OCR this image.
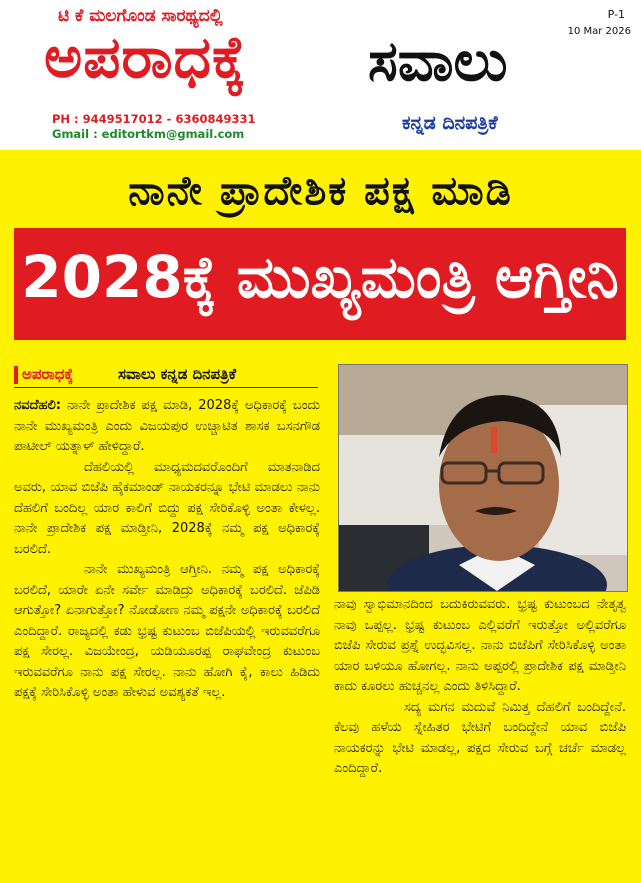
ಟಿ ಕೆ ಮಲಗೊಂಡ ಸಾರಥ್ಯದಲ್ಲಿ	P-1
10 Mar 2026
ಅಪರಾಧಕ್ಕೆ ಸವಾಲು
ಕನ್ನಡ ದಿನಪತ್ರಿಕೆ
PH : 9449517012 - 6360849331
Gmail : editortkm@gmail.com
ನಾನೇ ಪ್ರಾದೇಶಿಕ ಪಕ್ಷ ಮಾಡಿ
2028ಕ್ಕೆ ಮುಖ್ಯಮಂತ್ರಿ ಆಗ್ತೀನಿ
ಅಪರಾಧಕ್ಕೆ	ಸವಾಲು ಕನ್ನಡ ದಿನಪತ್ರಿಕೆ

ನವದೆಹಲಿ: ನಾನೇ ಪ್ರಾದೇಶಿಕ ಪಕ್ಷ ಮಾಡಿ, 2028ಕ್ಕೆ ಅಧಿಕಾರಕ್ಕೆ ಬಂದು ನಾನೇ ಮುಖ್ಯಮಂತ್ರಿ ಎಂದು ವಿಜಯಪುರ ಉಚ್ಚಾಟಿತ ಶಾಸಕ ಬಸನಗೌಡ ಪಾಟೀಲ್ ಯತ್ನಾಳ್ ಹೇಳಿದ್ದಾರೆ.

ದೆಹಲಿಯಲ್ಲಿ ಮಾಧ್ಯಮದವರೊಂದಿಗೆ ಮಾತನಾಡಿದ ಅವರು, ಯಾವ ಬಿಜೆಪಿ ಹೈಕಮಾಂಡ್ ನಾಯಕರನ್ನೂ ಭೇಟಿ ಮಾಡಲು ನಾನು ದೆಹಲಿಗೆ ಬಂದಿಲ್ಲ ಯಾರ ಕಾಲಿಗೆ ಬಿದ್ದು ಪಕ್ಷ ಸೇರಿಕೊಳ್ಳಿ ಅಂತಾ ಕೇಳಲ್ಲ. ನಾನೇ ಪ್ರಾದೇಶಿಕ ಪಕ್ಷ ಮಾಡ್ತೀನಿ, 2028ಕ್ಕೆ ನಮ್ಮ ಪಕ್ಷ ಅಧಿಕಾರಕ್ಕೆ ಬರಲಿದೆ.

ನಾನೇ ಮುಖ್ಯಮಂತ್ರಿ ಆಗ್ತೀನಿ. ನಮ್ಮ ಪಕ್ಷ ಅಧಿಕಾರಕ್ಕೆ ಬರಲಿದೆ, ಯಾರೇ ಏನೇ ಸರ್ವೇ ಮಾಡಿದ್ರು ಅಧಿಕಾರಕ್ಕೆ ಬರಲಿದೆ. ಜೆಪಿಡಿ ಆಗುತ್ತೋ? ಏನಾಗುತ್ತೋ? ನೋಡೋಣ ನಮ್ಮ ಪಕ್ಷನೇ ಅಧಿಕಾರಕ್ಕೆ ಬರಲಿದೆ ಎಂದಿದ್ದಾರೆ. ರಾಜ್ಯದಲ್ಲಿ ಕಡು ಭ್ರಷ್ಟ ಕುಟುಂಬ ಬಿಜೆಪಿಯಲ್ಲಿ ಇರುವವರೆಗೂ ಪಕ್ಷ ಸೇರಲ್ಲ. ವಿಜಯೇಂದ್ರ, ಯಡಿಯೂರಪ್ಪ ರಾಘವೇಂದ್ರ ಕುಟುಂಬ ಇರುವವರೆಗೂ ನಾನು ಪಕ್ಷ ಸೇರಲ್ಲ. ನಾನು ಹೋಗಿ ಕೈ, ಕಾಲು ಹಿಡಿದು ಪಕ್ಷಕ್ಕೆ ಸೇರಿಸಿಕೊಳ್ಳಿ ಅಂತಾ ಹೇಳುವ ಅವಶ್ಯಕತೆ ಇಲ್ಲ.

ನಾವು ಸ್ವಾಭಿಮಾನದಿಂದ ಬದುಕಿರುವವರು. ಭ್ರಷ್ಟ ಕುಟುಂಬದ ನೇತೃತ್ವ ನಾವು ಒಪ್ಪಲ್ಲ. ಭ್ರಷ್ಟ ಕುಟುಂಬ ಎಲ್ಲಿವರೆಗೆ ಇರುತ್ತೋ ಅಲ್ಲಿವರೆಗೂ ಬಿಜೆಪಿ ಸೇರುವ ಪ್ರಶ್ನೆ ಉದ್ಭವಿಸಲ್ಲ. ನಾನು ಬಿಜೆಪಿಗೆ ಸೇರಿಸಿಕೊಳ್ಳಿ ಅಂತಾ ಯಾರ ಬಳಿಯೂ ಹೋಗಲ್ಲ. ನಾನು ಅಪ್ಪರಲ್ಲಿ ಪ್ರಾದೇಶಿಕ ಪಕ್ಷ ಮಾಡ್ತೀನಿ ಕಾದು ಕೂರಲು ಹುಚ್ಚನಲ್ಲ ಎಂದು ತಿಳಿಸಿದ್ದಾರೆ.

ಸದ್ಯ ಮಗನ ಮದುವೆ ನಿಮಿತ್ತ ದೆಹಲಿಗೆ ಬಂದಿದ್ದೇನೆ. ಕೆಲವು ಹಳೆಯ ಸ್ನೇಹಿತರ ಭೇಟಿಗೆ ಬಂದಿದ್ದೇನೆ ಯಾವ ಬಿಜೆಪಿ ನಾಯಕರನ್ನು ಭೇಟಿ ಮಾಡಲ್ಲ, ಪಕ್ಷದ ಸೇರುವ ಬಗ್ಗೆ ಚರ್ಚೆ ಮಾಡಲ್ಲ ಎಂದಿದ್ದಾರೆ.
